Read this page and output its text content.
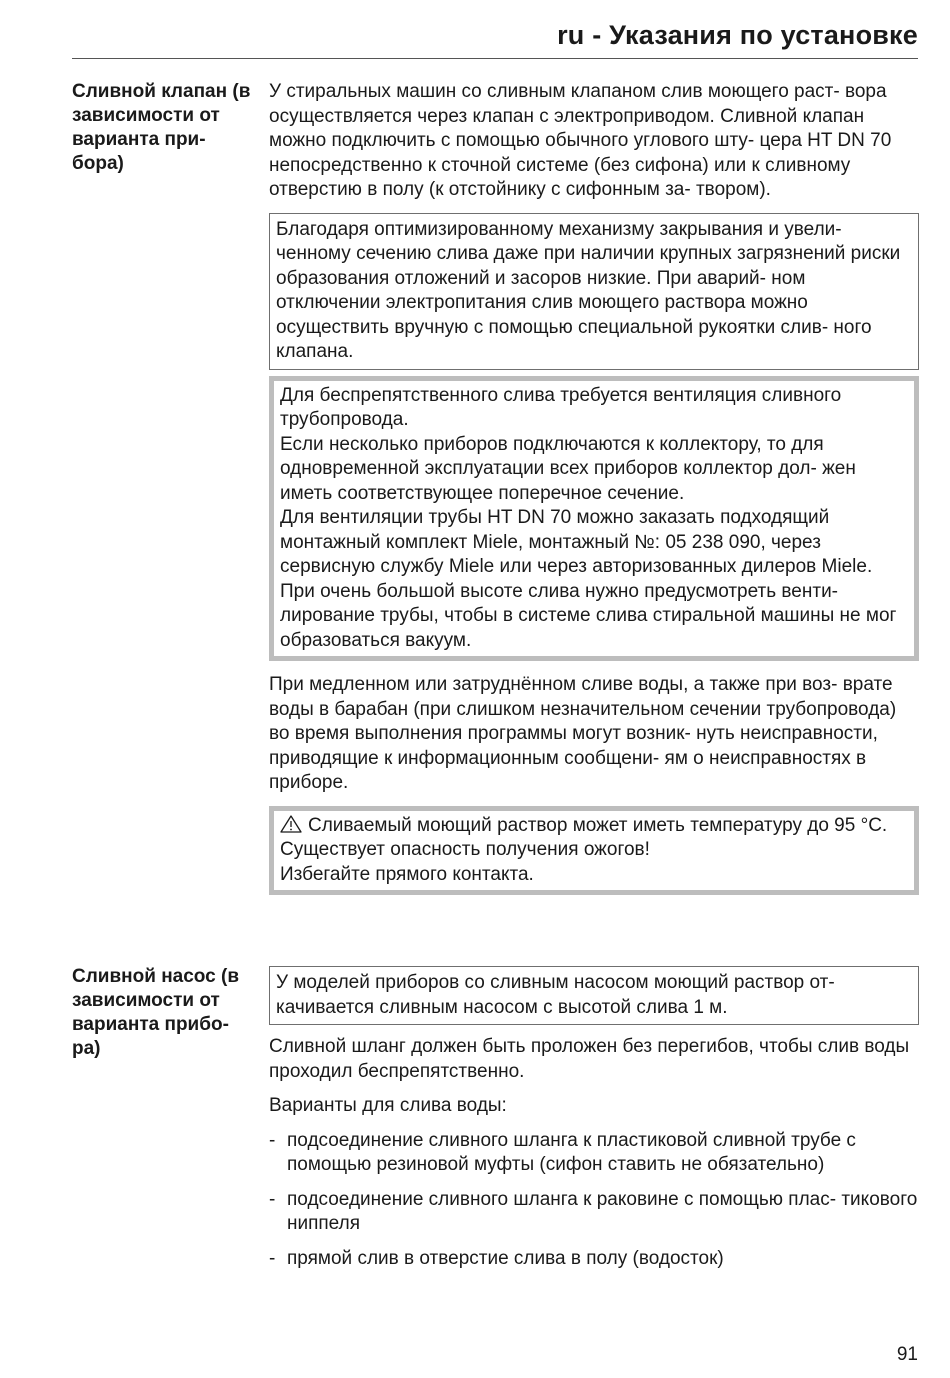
ru - Указания по установке
Сливной клапан (в зависимости от варианта при- бора)

У стиральных машин со сливным клапаном слив моющего раст- вора осуществляется через клапан с электроприводом. Сливной клапан можно подключить с помощью обычного углового шту- цера HT DN 70 непосредственно к сточной системе (без сифона) или к сливному отверстию в полу (к отстойнику с сифонным за- твором).

Благодаря оптимизированному механизму закрывания и увели- ченному сечению слива даже при наличии крупных загрязнений риски образования отложений и засоров низкие. При аварий- ном отключении электропитания слив моющего раствора можно осуществить вручную с помощью специальной рукоятки слив- ного клапана.

Для беспрепятственного слива требуется вентиляция сливного трубопровода.

Если несколько приборов подключаются к коллектору, то для одновременной эксплуатации всех приборов коллектор дол- жен иметь соответствующее поперечное сечение.

Для вентиляции трубы HT DN 70 можно заказать подходящий монтажный комплект Miele, монтажный №: 05 238 090, через сервисную службу Miele или через авторизованных дилеров Miele.

При очень большой высоте слива нужно предусмотреть венти- лирование трубы, чтобы в системе слива стиральной машины не мог образоваться вакуум.

При медленном или затруднённом сливе воды, а также при воз- врате воды в барабан (при слишком незначительном сечении трубопровода) во время выполнения программы могут возник- нуть неисправности, приводящие к информационным сообщени- ям о неисправностях в приборе.

Сливаемый моющий раствор может иметь температуру до 95 °C. Существует опасность получения ожогов!

Избегайте прямого контакта.

Сливной насос (в зависимости от варианта прибо- ра)
У моделей приборов со сливным насосом моющий раствор от- качивается сливным насосом с высотой слива 1 м.

Сливной шланг должен быть проложен без перегибов, чтобы слив воды проходил беспрепятственно.

Варианты для слива воды:

- подсоединение сливного шланга к пластиковой сливной трубе с помощью резиновой муфты (сифон ставить не обязательно)
- подсоединение сливного шланга к раковине с помощью плас- тикового ниппеля
- прямой слив в отверстие слива в полу (водосток)
91
